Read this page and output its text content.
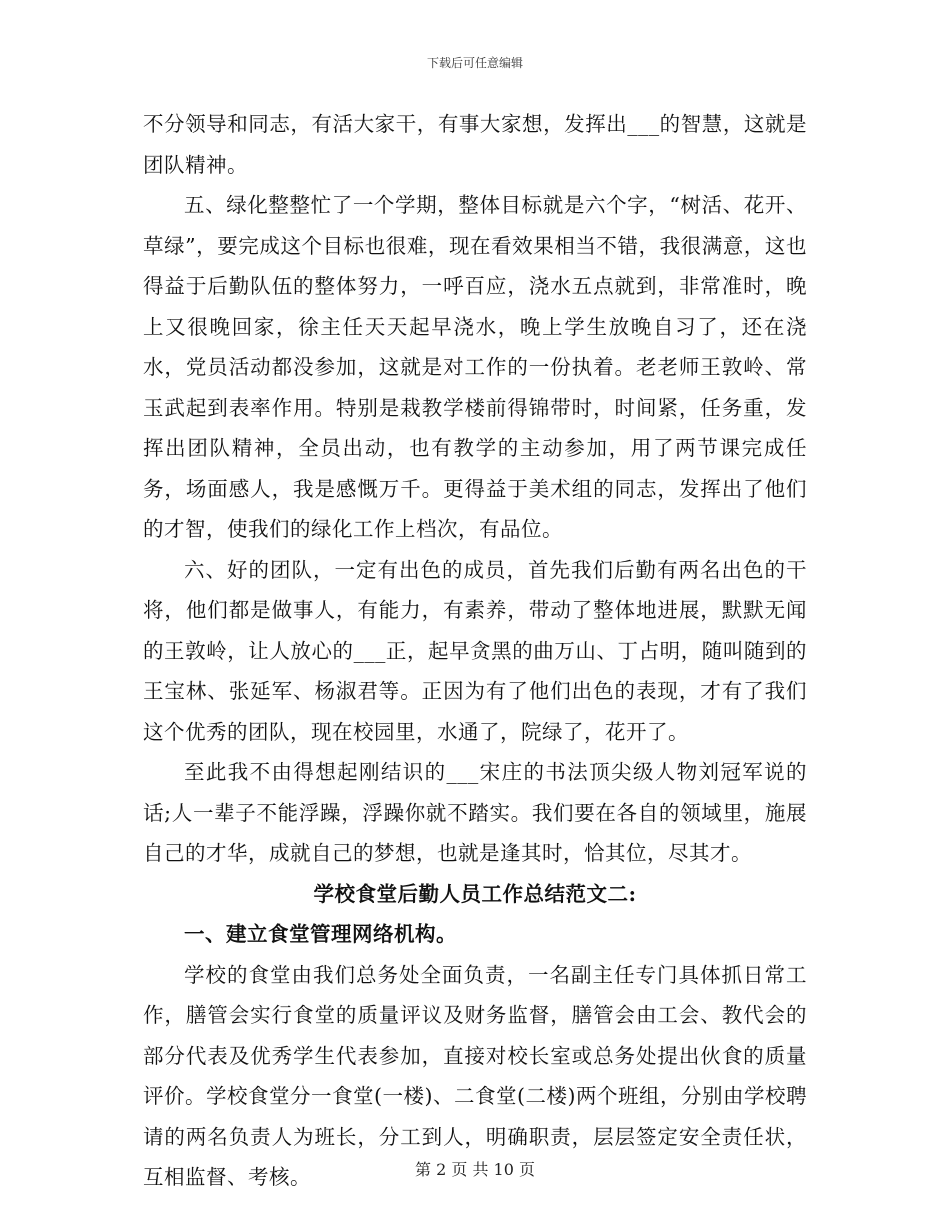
下载后可任意编辑

不分领导和同志，有活大家干，有事大家想，发挥出___的智慧，这就是团队精神。

五、绿化整整忙了一个学期，整体目标就是六个字，“树活、花开、草绿”，要完成这个目标也很难，现在看效果相当不错，我很满意，这也得益于后勤队伍的整体努力，一呼百应，浇水五点就到，非常准时，晚上又很晚回家，徐主任天天起早浇水，晚上学生放晚自习了，还在浇水，党员活动都没参加，这就是对工作的一份执着。老老师王敦岭、常玉武起到表率作用。特别是栽教学楼前得锦带时，时间紧，任务重，发挥出团队精神，全员出动，也有教学的主动参加，用了两节课完成任务，场面感人，我是感慨万千。更得益于美术组的同志，发挥出了他们的才智，使我们的绿化工作上档次，有品位。

六、好的团队，一定有出色的成员，首先我们后勤有两名出色的干将，他们都是做事人，有能力，有素养，带动了整体地进展，默默无闻的王敦岭，让人放心的___正，起早贪黑的曲万山、丁占明，随叫随到的王宝林、张延军、杨淑君等。正因为有了他们出色的表现，才有了我们这个优秀的团队，现在校园里，水通了，院绿了，花开了。

至此我不由得想起刚结识的___宋庄的书法顶尖级人物刘冠军说的话;人一辈子不能浮躁，浮躁你就不踏实。我们要在各自的领域里，施展自己的才华，成就自己的梦想，也就是逢其时，恰其位，尽其才。

学校食堂后勤人员工作总结范文二:

一、建立食堂管理网络机构。

学校的食堂由我们总务处全面负责，一名副主任专门具体抓日常工作，膳管会实行食堂的质量评议及财务监督，膳管会由工会、教代会的部分代表及优秀学生代表参加，直接对校长室或总务处提出伙食的质量评价。学校食堂分一食堂(一楼)、二食堂(二楼)两个班组，分别由学校聘请的两名负责人为班长，分工到人，明确职责，层层签定安全责任状，互相监督、考核。	第 2 页 共 10 页
